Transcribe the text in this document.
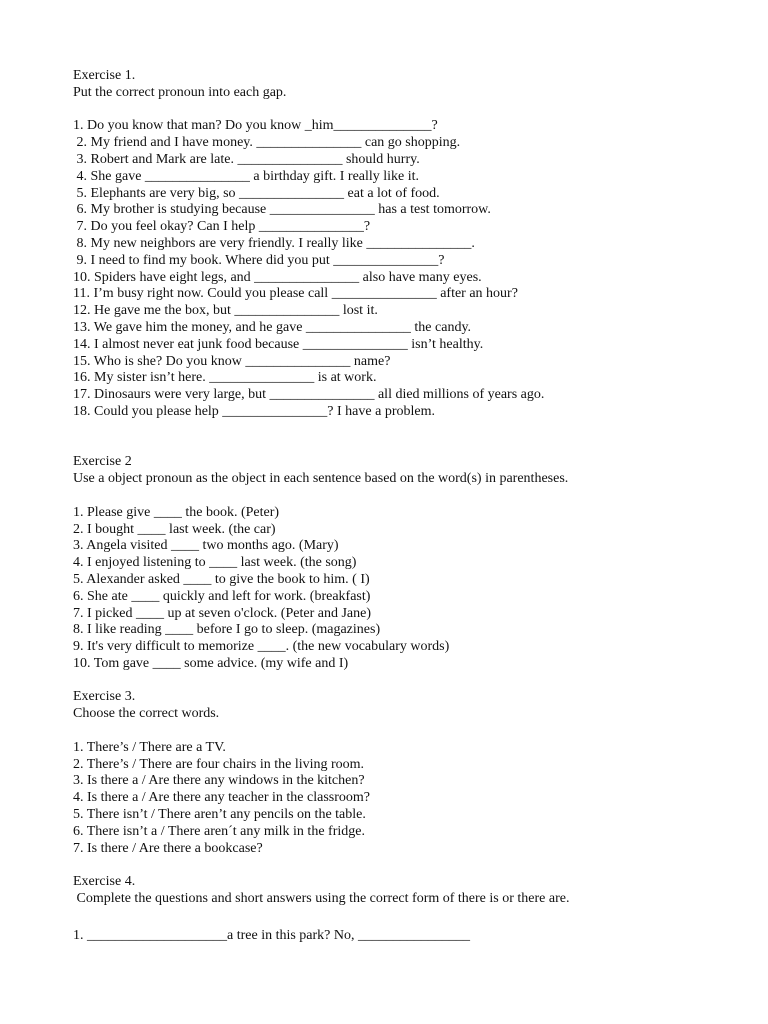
Exercise 1.
Put the correct pronoun into each gap.
1. Do you know that man? Do you know _him______________?
2. My friend and I have money. _______________ can go shopping.
3. Robert and Mark are late. _______________ should hurry.
4. She gave _______________ a birthday gift. I really like it.
5. Elephants are very big, so _______________ eat a lot of food.
6. My brother is studying because _______________ has a test tomorrow.
7. Do you feel okay? Can I help _______________?
8. My new neighbors are very friendly. I really like _______________.
9. I need to find my book. Where did you put _______________?
10. Spiders have eight legs, and _______________ also have many eyes.
11. I’m busy right now. Could you please call _______________ after an hour?
12. He gave me the box, but _______________ lost it.
13. We gave him the money, and he gave _______________ the candy.
14. I almost never eat junk food because _______________ isn’t healthy.
15. Who is she? Do you know _______________ name?
16. My sister isn’t here. _______________ is at work.
17. Dinosaurs were very large, but _______________ all died millions of years ago.
18. Could you please help _______________? I have a problem.
Exercise 2
Use a object pronoun as the object in each sentence based on the word(s) in parentheses.
1. Please give ____ the book. (Peter)
2. I bought ____ last week. (the car)
3. Angela visited ____ two months ago. (Mary)
4. I enjoyed listening to ____ last week. (the song)
5. Alexander asked ____ to give the book to him. ( I)
6. She ate ____ quickly and left for work. (breakfast)
7. I picked ____ up at seven o'clock. (Peter and Jane)
8. I like reading ____ before I go to sleep. (magazines)
9. It's very difficult to memorize ____. (the new vocabulary words)
10. Tom gave ____ some advice. (my wife and I)
Exercise 3.
Choose the correct words.
1. There’s / There are a TV.
2. There’s / There are four chairs in the living room.
3. Is there a / Are there any windows in the kitchen?
4. Is there a / Are there any teacher in the classroom?
5. There isn’t / There aren’t any pencils on the table.
6. There isn’t a / There aren´t any milk in the fridge.
7. Is there / Are there a bookcase?
Exercise 4.
Complete the questions and short answers using the correct form of there is or there are.
1. ____________________a tree in this park? No, ________________
